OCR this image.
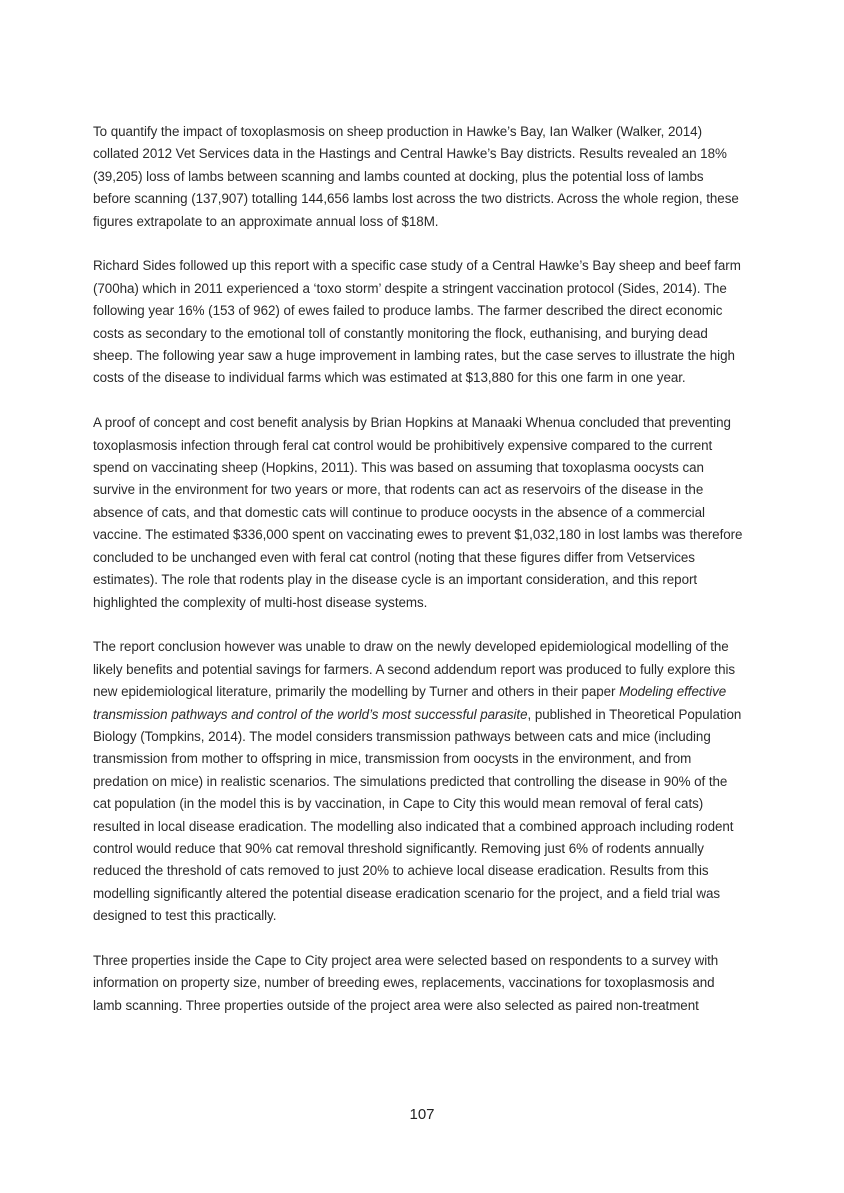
To quantify the impact of toxoplasmosis on sheep production in Hawke’s Bay, Ian Walker (Walker, 2014) collated 2012 Vet Services data in the Hastings and Central Hawke’s Bay districts. Results revealed an 18% (39,205) loss of lambs between scanning and lambs counted at docking, plus the potential loss of lambs before scanning (137,907) totalling 144,656 lambs lost across the two districts. Across the whole region, these figures extrapolate to an approximate annual loss of $18M.

Richard Sides followed up this report with a specific case study of a Central Hawke’s Bay sheep and beef farm (700ha) which in 2011 experienced a ‘toxo storm’ despite a stringent vaccination protocol (Sides, 2014). The following year 16% (153 of 962) of ewes failed to produce lambs. The farmer described the direct economic costs as secondary to the emotional toll of constantly monitoring the flock, euthanising, and burying dead sheep. The following year saw a huge improvement in lambing rates, but the case serves to illustrate the high costs of the disease to individual farms which was estimated at $13,880 for this one farm in one year.

A proof of concept and cost benefit analysis by Brian Hopkins at Manaaki Whenua concluded that preventing toxoplasmosis infection through feral cat control would be prohibitively expensive compared to the current spend on vaccinating sheep (Hopkins, 2011). This was based on assuming that toxoplasma oocysts can survive in the environment for two years or more, that rodents can act as reservoirs of the disease in the absence of cats, and that domestic cats will continue to produce oocysts in the absence of a commercial vaccine. The estimated $336,000 spent on vaccinating ewes to prevent $1,032,180 in lost lambs was therefore concluded to be unchanged even with feral cat control (noting that these figures differ from Vetservices estimates). The role that rodents play in the disease cycle is an important consideration, and this report highlighted the complexity of multi-host disease systems.

The report conclusion however was unable to draw on the newly developed epidemiological modelling of the likely benefits and potential savings for farmers. A second addendum report was produced to fully explore this new epidemiological literature, primarily the modelling by Turner and others in their paper Modeling effective transmission pathways and control of the world’s most successful parasite, published in Theoretical Population Biology (Tompkins, 2014). The model considers transmission pathways between cats and mice (including transmission from mother to offspring in mice, transmission from oocysts in the environment, and from predation on mice) in realistic scenarios. The simulations predicted that controlling the disease in 90% of the cat population (in the model this is by vaccination, in Cape to City this would mean removal of feral cats) resulted in local disease eradication. The modelling also indicated that a combined approach including rodent control would reduce that 90% cat removal threshold significantly. Removing just 6% of rodents annually reduced the threshold of cats removed to just 20% to achieve local disease eradication. Results from this modelling significantly altered the potential disease eradication scenario for the project, and a field trial was designed to test this practically.

Three properties inside the Cape to City project area were selected based on respondents to a survey with information on property size, number of breeding ewes, replacements, vaccinations for toxoplasmosis and lamb scanning. Three properties outside of the project area were also selected as paired non-treatment

107
